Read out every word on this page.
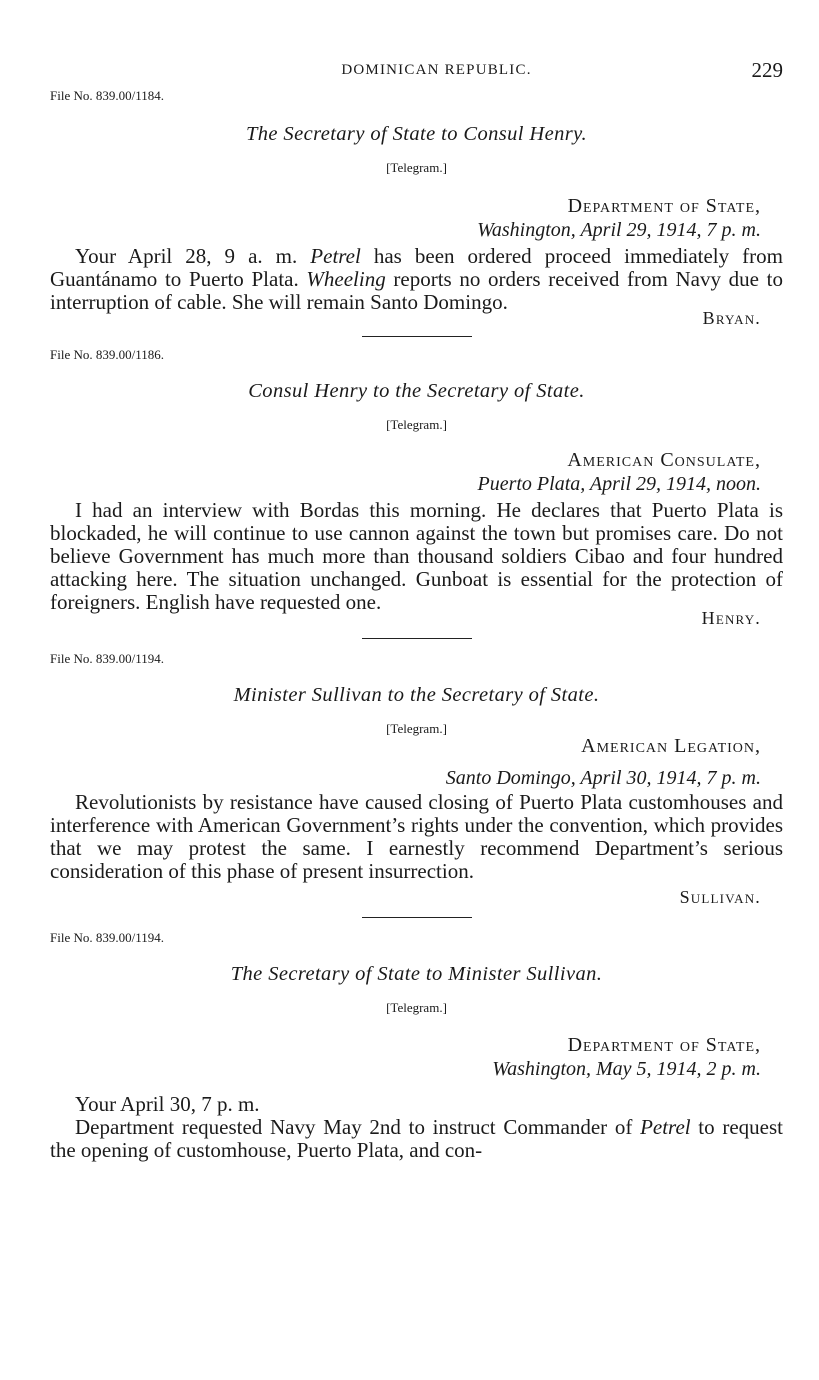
DOMINICAN REPUBLIC.	229

File No. 839.00/1184.

The Secretary of State to Consul Henry.

[Telegram.]

Department of State,

Washington, April 29, 1914, 7 p. m.

Your April 28, 9 a. m. Petrel has been ordered proceed immediately from Guantánamo to Puerto Plata. Wheeling reports no orders received from Navy due to interruption of cable. She will remain Santo Domingo.

Bryan.

File No. 839.00/1186.

Consul Henry to the Secretary of State.

[Telegram.]

American Consulate,

Puerto Plata, April 29, 1914, noon.

I had an interview with Bordas this morning. He declares that Puerto Plata is blockaded, he will continue to use cannon against the town but promises care. Do not believe Government has much more than thousand soldiers Cibao and four hundred attacking here. The situation unchanged. Gunboat is essential for the protection of foreigners. English have requested one.

Henry.

File No. 839.00/1194.

Minister Sullivan to the Secretary of State.

[Telegram.]

American Legation,

Santo Domingo, April 30, 1914, 7 p. m.

Revolutionists by resistance have caused closing of Puerto Plata customhouses and interference with American Government’s rights under the convention, which provides that we may protest the same. I earnestly recommend Department’s serious consideration of this phase of present insurrection.

Sullivan.

File No. 839.00/1194.

The Secretary of State to Minister Sullivan.

[Telegram.]

Department of State,

Washington, May 5, 1914, 2 p. m.

Your April 30, 7 p. m.

Department requested Navy May 2nd to instruct Commander of Petrel to request the opening of customhouse, Puerto Plata, and con-
